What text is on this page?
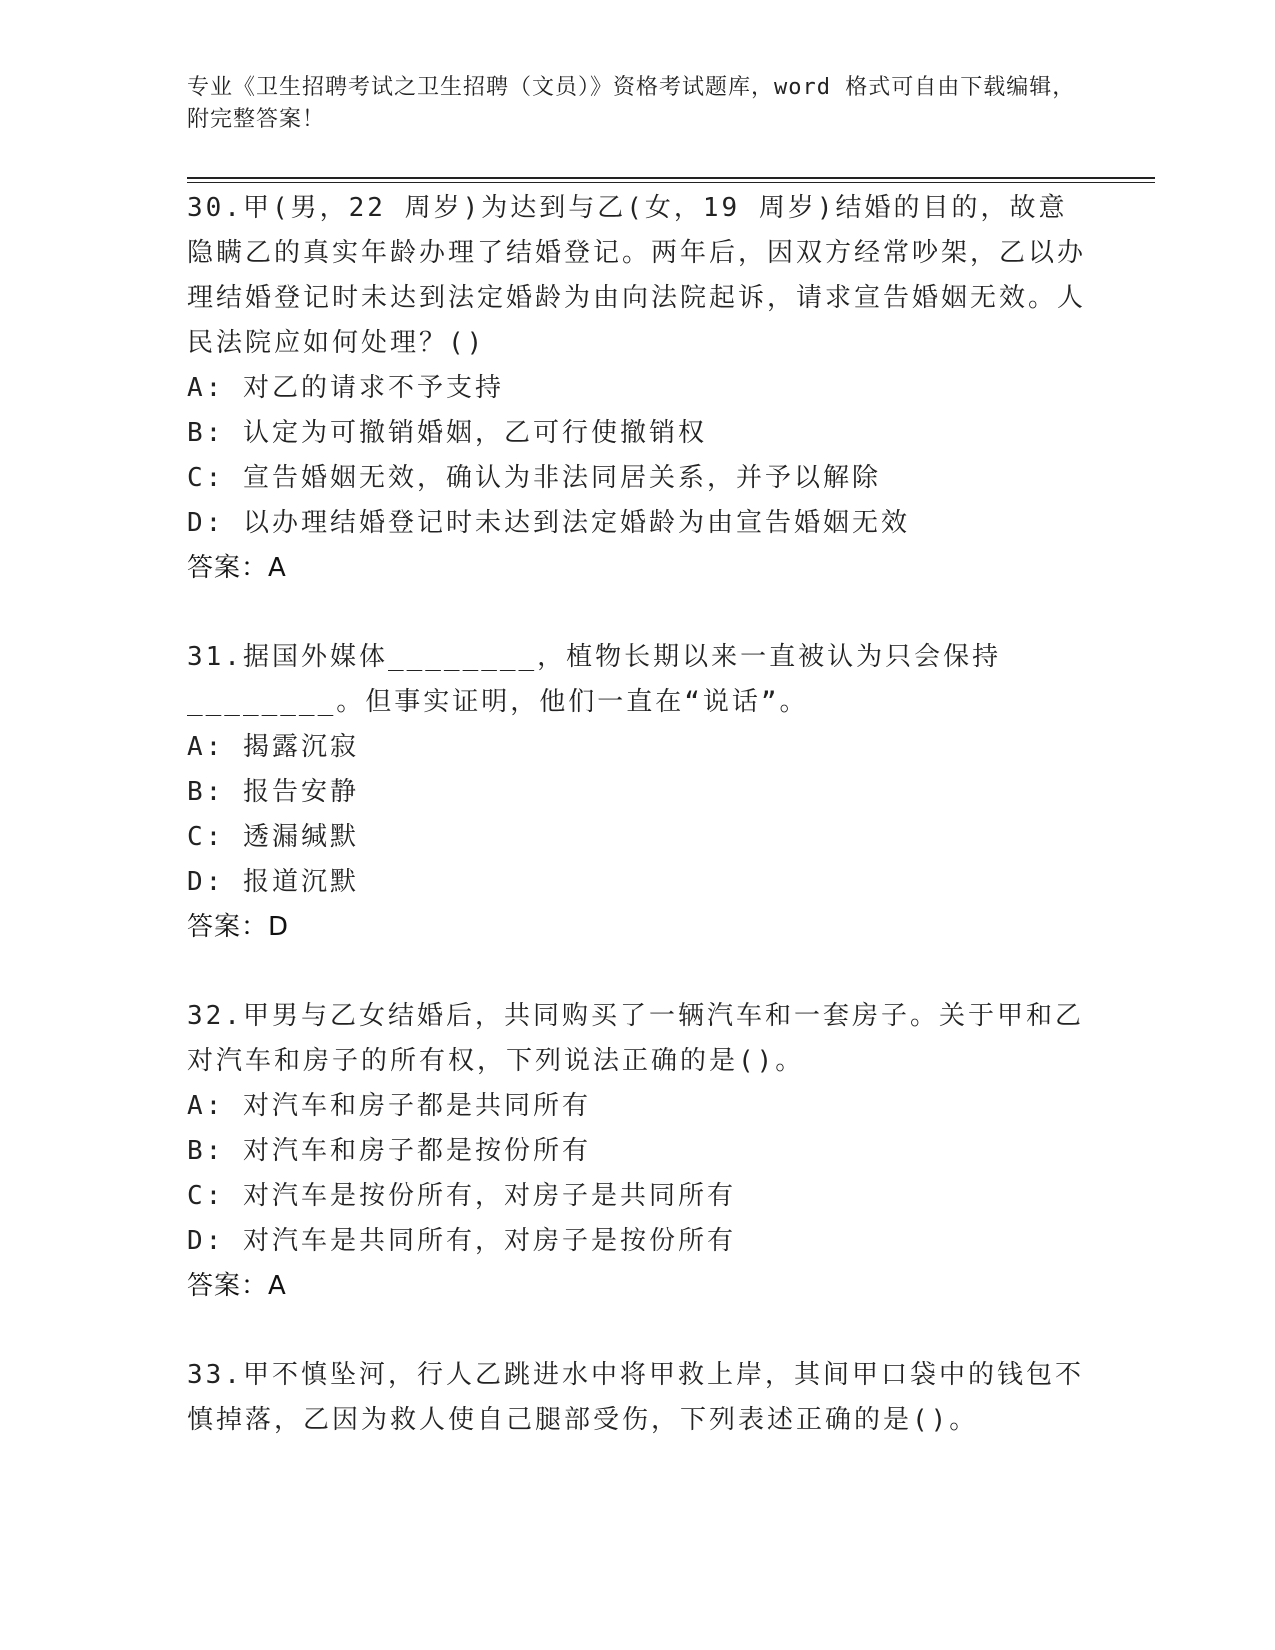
专业《卫生招聘考试之卫生招聘（文员）》资格考试题库，word 格式可自由下载编辑，附完整答案！
30.甲(男，22 周岁)为达到与乙(女，19 周岁)结婚的目的，故意隐瞒乙的真实年龄办理了结婚登记。两年后，因双方经常吵架，乙以办理结婚登记时未达到法定婚龄为由向法院起诉，请求宣告婚姻无效。人民法院应如何处理？()
A: 对乙的请求不予支持
B: 认定为可撤销婚姻，乙可行使撤销权
C: 宣告婚姻无效，确认为非法同居关系，并予以解除
D: 以办理结婚登记时未达到法定婚龄为由宣告婚姻无效
答案：A
31.据国外媒体________，植物长期以来一直被认为只会保持________。但事实证明，他们一直在“说话”。
A: 揭露沉寂
B: 报告安静
C: 透漏缄默
D: 报道沉默
答案：D
32.甲男与乙女结婚后，共同购买了一辆汽车和一套房子。关于甲和乙对汽车和房子的所有权，下列说法正确的是()。
A: 对汽车和房子都是共同所有
B: 对汽车和房子都是按份所有
C: 对汽车是按份所有，对房子是共同所有
D: 对汽车是共同所有，对房子是按份所有
答案：A
33.甲不慎坠河，行人乙跳进水中将甲救上岸，其间甲口袋中的钱包不慎掉落，乙因为救人使自己腿部受伤，下列表述正确的是()。
